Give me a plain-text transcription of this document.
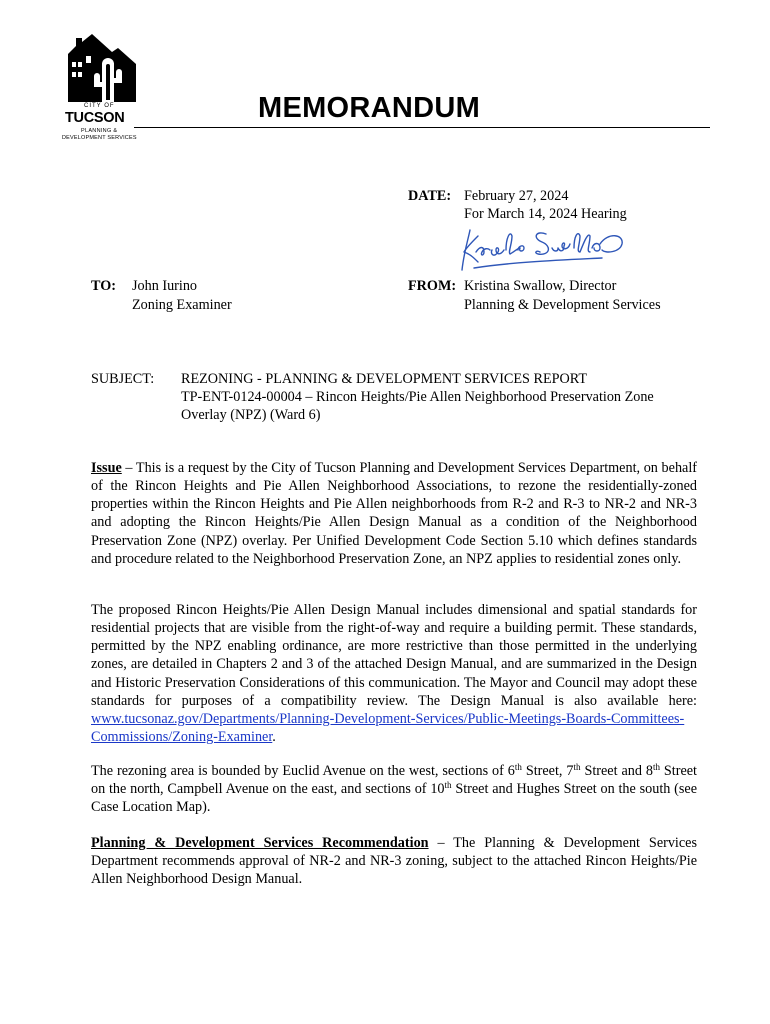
CITY OF
TUCSON
PLANNING &
DEVELOPMENT SERVICES
MEMORANDUM
DATE: February 27, 2024
For March 14, 2024 Hearing
TO: John Iurino
Zoning Examiner
FROM: Kristina Swallow, Director
Planning & Development Services
SUBJECT: REZONING - PLANNING & DEVELOPMENT SERVICES REPORT
TP-ENT-0124-00004 – Rincon Heights/Pie Allen Neighborhood Preservation Zone
Overlay (NPZ) (Ward 6)

Issue – This is a request by the City of Tucson Planning and Development Services Department, on behalf of the Rincon Heights and Pie Allen Neighborhood Associations, to rezone the residentially-zoned properties within the Rincon Heights and Pie Allen neighborhoods from R-2 and R-3 to NR-2 and NR-3 and adopting the Rincon Heights/Pie Allen Design Manual as a condition of the Neighborhood Preservation Zone (NPZ) overlay. Per Unified Development Code Section 5.10 which defines standards and procedure related to the Neighborhood Preservation Zone, an NPZ applies to residential zones only.

The proposed Rincon Heights/Pie Allen Design Manual includes dimensional and spatial standards for residential projects that are visible from the right-of-way and require a building permit. These standards, permitted by the NPZ enabling ordinance, are more restrictive than those permitted in the underlying zones, are detailed in Chapters 2 and 3 of the attached Design Manual, and are summarized in the Design and Historic Preservation Considerations of this communication. The Mayor and Council may adopt these standards for purposes of a compatibility review. The Design Manual is also available here: www.tucsonaz.gov/Departments/Planning-Development-Services/Public-Meetings-Boards-Committees-Commissions/Zoning-Examiner.

The rezoning area is bounded by Euclid Avenue on the west, sections of 6th Street, 7th Street and 8th Street on the north, Campbell Avenue on the east, and sections of 10th Street and Hughes Street on the south (see Case Location Map).

Planning & Development Services Recommendation – The Planning & Development Services Department recommends approval of NR-2 and NR-3 zoning, subject to the attached Rincon Heights/Pie Allen Neighborhood Design Manual.
